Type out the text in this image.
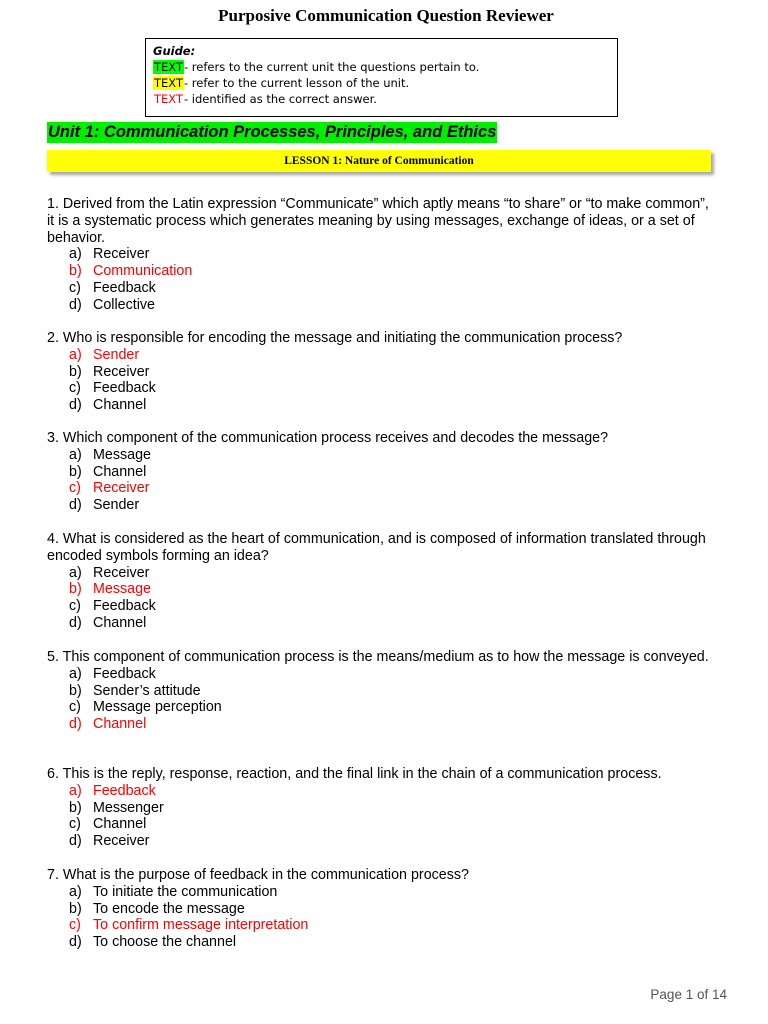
Purposive Communication Question Reviewer
Guide:
TEXT- refers to the current unit the questions pertain to.
TEXT- refer to the current lesson of the unit.
TEXT- identified as the correct answer.
Unit 1: Communication Processes, Principles, and Ethics
LESSON 1: Nature of Communication
1. Derived from the Latin expression “Communicate” which aptly means “to share” or “to make common”, it is a systematic process which generates meaning by using messages, exchange of ideas, or a set of behavior.
a) Receiver
b) Communication
c) Feedback
d) Collective
2. Who is responsible for encoding the message and initiating the communication process?
a) Sender
b) Receiver
c) Feedback
d) Channel
3. Which component of the communication process receives and decodes the message?
a) Message
b) Channel
c) Receiver
d) Sender
4. What is considered as the heart of communication, and is composed of information translated through encoded symbols forming an idea?
a) Receiver
b) Message
c) Feedback
d) Channel
5. This component of communication process is the means/medium as to how the message is conveyed.
a) Feedback
b) Sender’s attitude
c) Message perception
d) Channel
6. This is the reply, response, reaction, and the final link in the chain of a communication process.
a) Feedback
b) Messenger
c) Channel
d) Receiver
7. What is the purpose of feedback in the communication process?
a) To initiate the communication
b) To encode the message
c) To confirm message interpretation
d) To choose the channel
Page 1 of 14
